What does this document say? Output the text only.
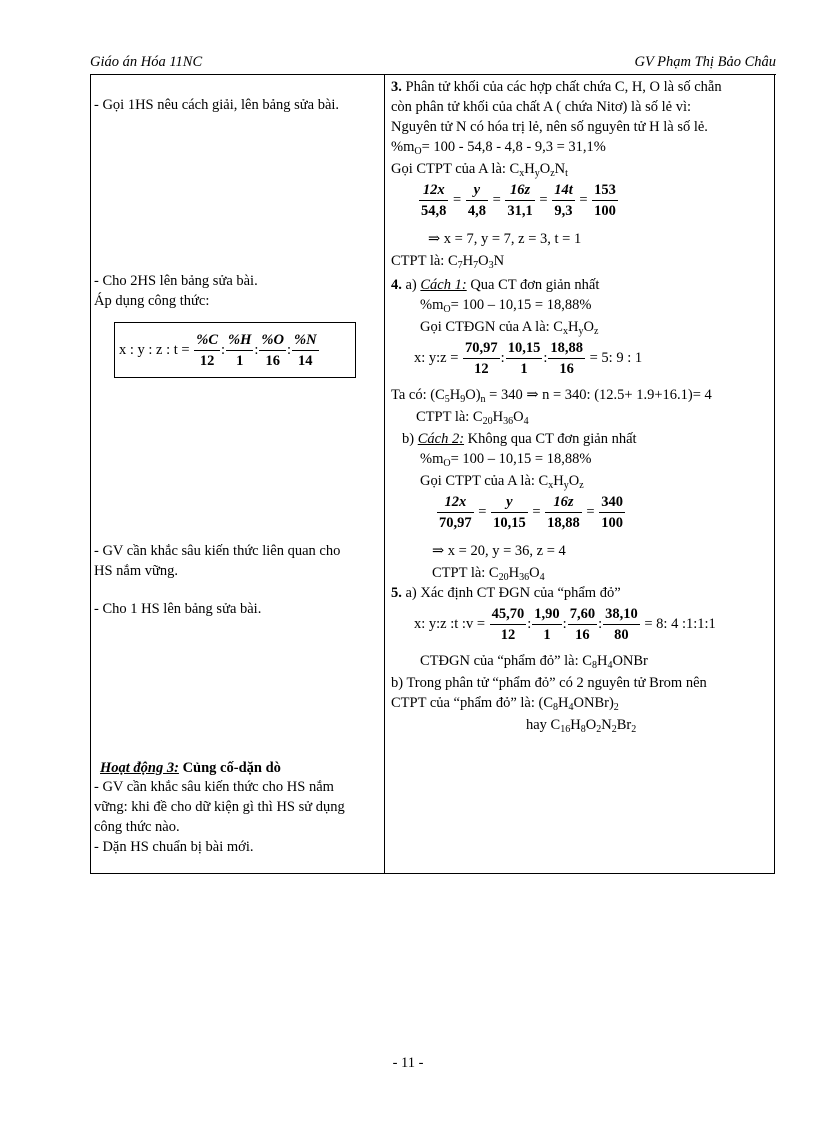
Giáo án Hóa 11NC	GV Phạm Thị Bảo Châu
- Gọi 1HS nêu cách giải, lên bảng sửa bài.
- Cho 2HS lên bảng sửa bài.
Áp dụng công thức:
x : y : z : $t = \frac{\%C}{12}$ : $\frac{\%H}{1}$ : $\frac{\%O}{16}$ : $\frac{\%N}{14}$
- GV cần khắc sâu kiến thức liên quan cho
HS nắm vững.
- Cho 1 HS lên bảng sửa bài.
Hoạt động 3: Củng cố-dặn dò
- GV cần khắc sâu kiến thức cho HS nắm
vững: khi đề cho dữ kiện gì thì HS sử dụng
công thức nào.
- Dặn HS chuẩn bị bài mới.
3. Phân tử khối của các hợp chất chứa C, H, O là số chẵn
còn phân tử khối của chất A ( chứa Nitơ) là số lẻ vì:
Nguyên tử N có hóa trị lẻ, nên số nguyên tử H là số lẻ.
$\%m_O= 100 - 54,8 - 4,8 - 9,3 = 31,1\%$
Gọi CTPT của A là: $C_xH_yO_zN_t$
$\frac{12x}{54,8} = \frac{y}{4,8} = \frac{16z}{31,1} = \frac{14t}{9,3} = \frac{153}{100}$
⇒ x = 7, y = 7, z = 3, t = 1
CTPT là: $C_7H_7O_3N$
4. a) Cách 1: Qua CT đơn giản nhất
$\%m_O= 100 - 10,15 = 18,88\%$
Gọi CTĐGN của A là: $C_xH_yO_z$
x: y:z = $\frac{70,97}{12}$ : $\frac{10,15}{1}$ : $\frac{18,88}{16} = 5$: 9 : 1
Ta có: $(C_5H_9O)_n = 340$ ⇒ n = 340: (12.5+ 1.9+16.1)= 4
CTPT là: $C_{20}H_{36}O_4$
b) Cách 2: Không qua CT đơn giản nhất
$\%m_O= 100 - 10,15 = 18,88\%$
Gọi CTPT của A là: $C_xH_yO_z$
$\frac{12x}{70,97} = \frac{y}{10,15} = \frac{16z}{18,88} = \frac{340}{100}$
⇒ x = 20, y = 36, z = 4
CTPT là: $C_{20}H_{36}O_4$
5. a) Xác định CT ĐGN của “phẩm đỏ”
x: y:z :t :v = $\frac{45,70}{12}$ : $\frac{1,90}{1}$ : $\frac{7,60}{16}$ : $\frac{38,10}{80} = 8$: 4 :1:1:1
CTĐGN của “phẩm đỏ” là: $C_8H_4ONBr$
b) Trong phân tử “phẩm đỏ” có 2 nguyên tử Brom nên
CTPT của “phẩm đỏ” là: $(C_8H_4ONBr)_2$
hay $C_{16}H_8O_2N_2Br_2$
- 11 -
